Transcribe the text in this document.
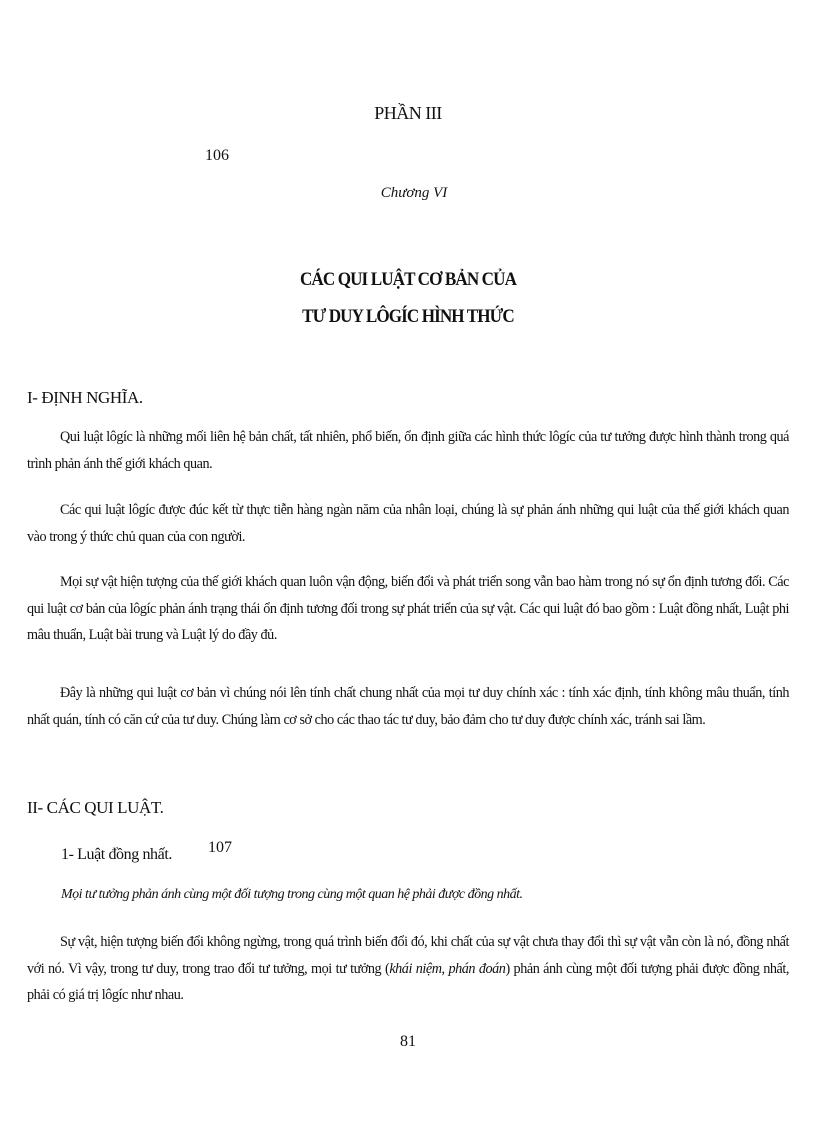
PHẦN III
106
Chương VI
CÁC QUI LUẬT CƠ BẢN CỦA
TƯ DUY LÔGÍC HÌNH THỨC
I- ĐỊNH NGHĨA.

Qui luật lôgíc là những mối liên hệ bản chất, tất nhiên, phổ biến, ổn định giữa các hình thức lôgíc của tư tưởng được hình thành trong quá trình phản ánh thế giới khách quan.

Các qui luật lôgíc được đúc kết từ thực tiễn hàng ngàn năm của nhân loại, chúng là sự phản ánh những qui luật của thế giới khách quan vào trong ý thức chủ quan của con người.

Mọi sự vật hiện tượng của thế giới khách quan luôn vận động, biến đổi và phát triển song vẫn bao hàm trong nó sự ổn định tương đối. Các qui luật cơ bản của lôgíc phản ánh trạng thái ổn định tương đối trong sự phát triển của sự vật. Các qui luật đó bao gồm : Luật đồng nhất, Luật phi mâu thuẩn, Luật bài trung và Luật lý do đầy đủ.

Đây là những qui luật cơ bản vì chúng nói lên tính chất chung nhất của mọi tư duy chính xác : tính xác định, tính không mâu thuẩn, tính nhất quán, tính có căn cứ của tư duy. Chúng làm cơ sở cho các thao tác tư duy, bảo đảm cho tư duy được chính xác, tránh sai lầm.

II- CÁC QUI LUẬT.
1- Luật đồng nhất. 107
Mọi tư tưởng phản ánh cùng một đối tượng trong cùng một quan hệ phải được đồng nhất.

Sự vật, hiện tượng biến đổi không ngừng, trong quá trình biến đổi đó, khi chất của sự vật chưa thay đổi thì sự vật vẫn còn là nó, đồng nhất với nó. Vì vậy, trong tư duy, trong trao đổi tư tưởng, mọi tư tưởng (khái niệm, phán đoán) phản ánh cùng một đối tượng phải được đồng nhất, phải có giá trị lôgíc như nhau.

81
